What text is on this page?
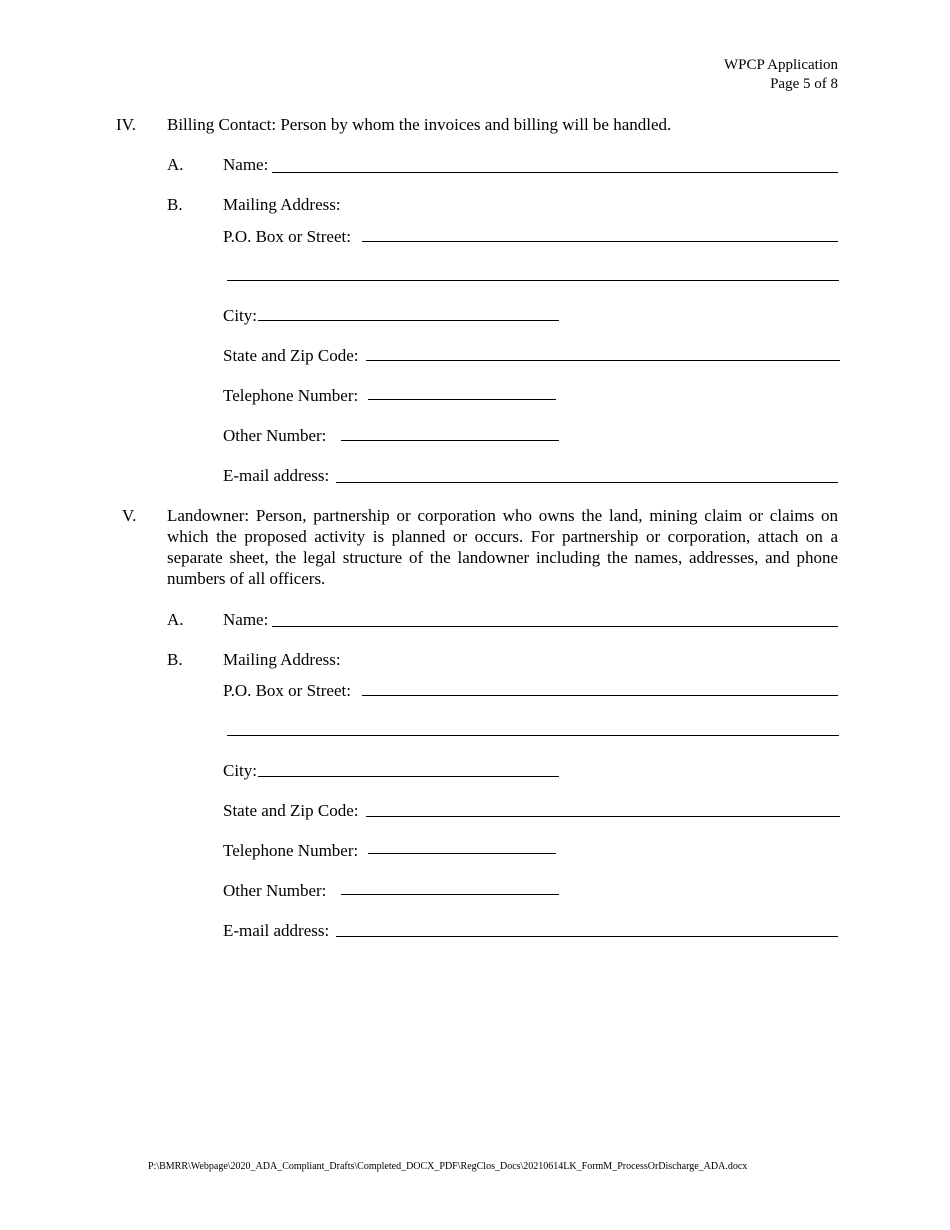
WPCP Application
Page 5 of 8
IV. Billing Contact: Person by whom the invoices and billing will be handled.
A. Name:
B. Mailing Address:
P.O. Box or Street:
City:
State and Zip Code:
Telephone Number:
Other Number:
E-mail address:
V. Landowner: Person, partnership or corporation who owns the land, mining claim or claims on which the proposed activity is planned or occurs. For partnership or corporation, attach on a separate sheet, the legal structure of the landowner including the names, addresses, and phone numbers of all officers.
A. Name:
B. Mailing Address:
P.O. Box or Street:
City:
State and Zip Code:
Telephone Number:
Other Number:
E-mail address:
P:\BMRR\Webpage\2020_ADA_Compliant_Drafts\Completed_DOCX_PDF\RegClos_Docs\20210614LK_FormM_ProcessOrDischarge_ADA.docx
